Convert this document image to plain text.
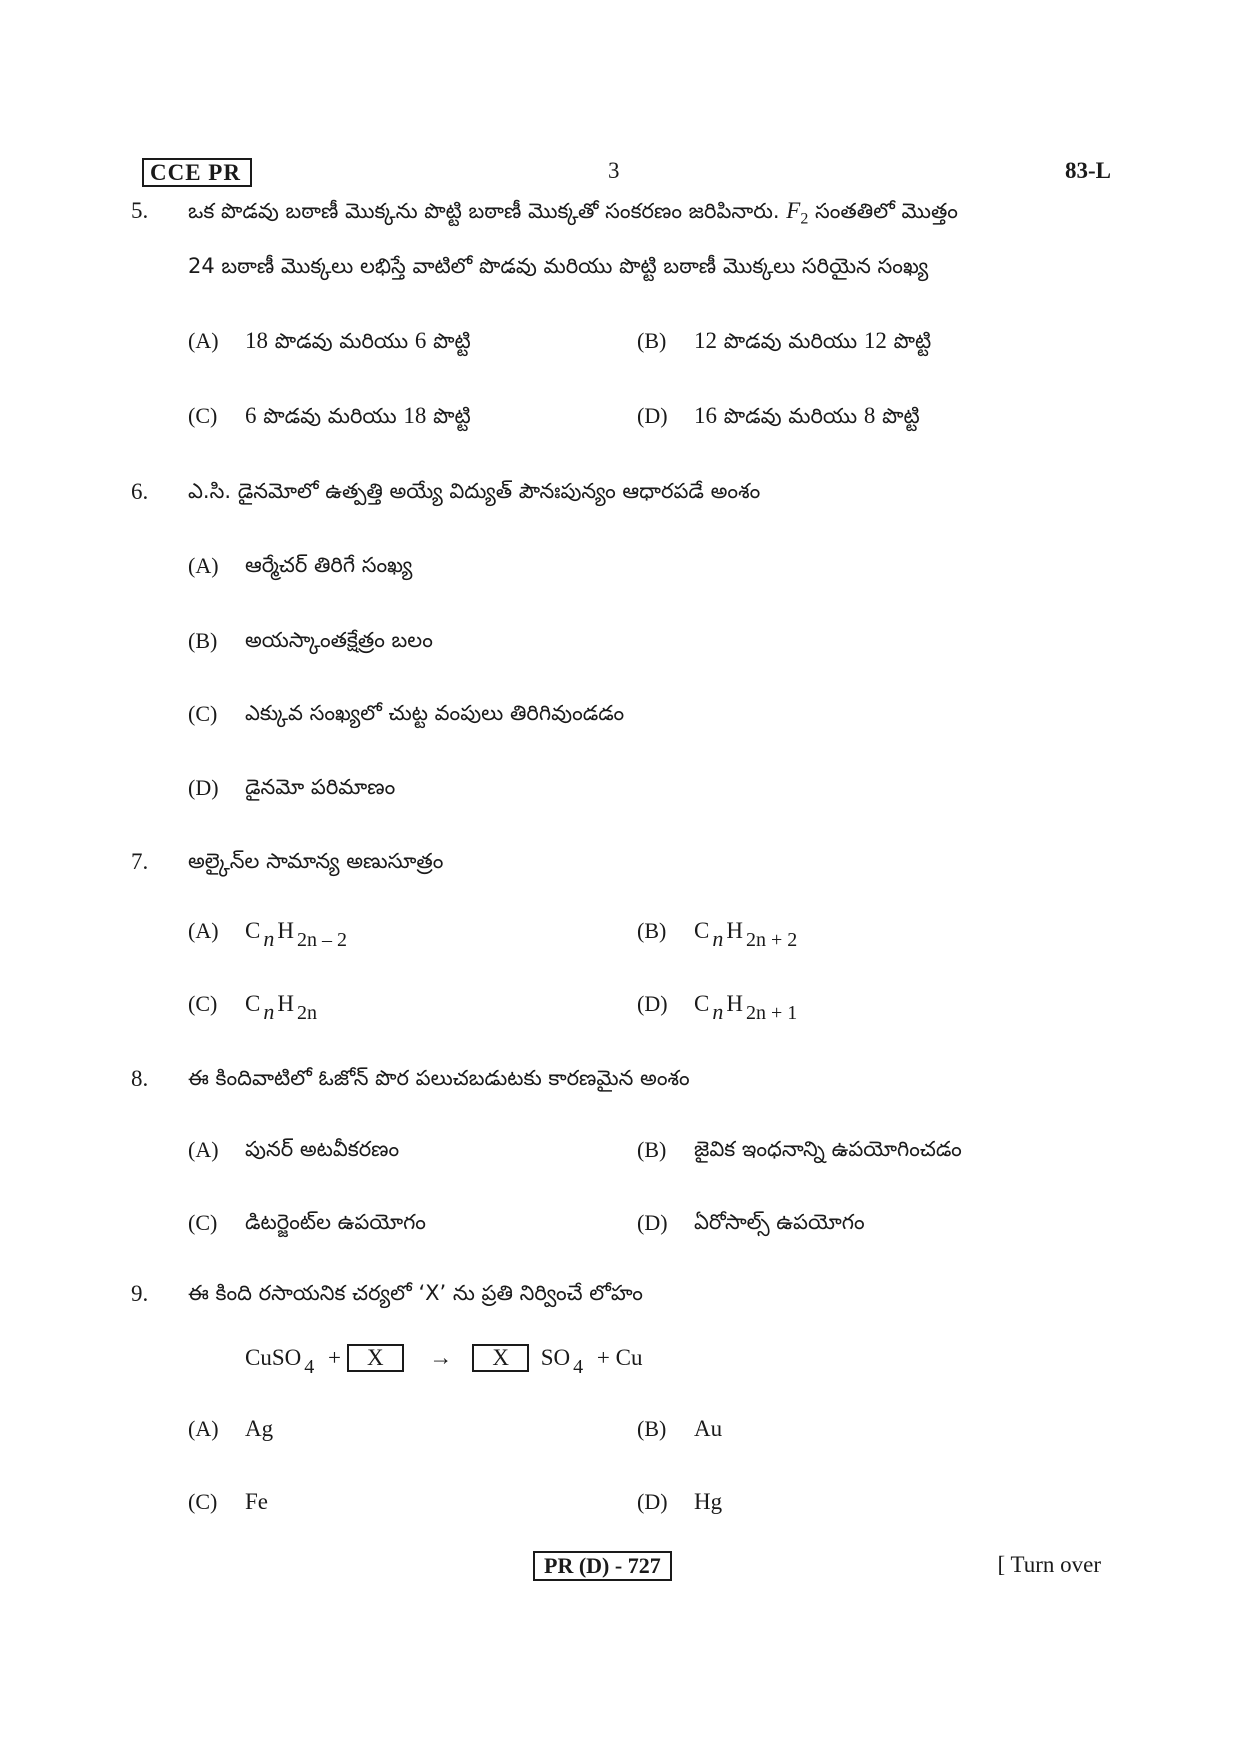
CCE PR	3	83-L
5. ఒక పొడవు బఠాణీ మొక్కను పొట్టి బఠాణీ మొక్కతో సంకరణం జరిపినారు. $F_2$ సంతతిలో మొత్తం
24 బఠాణీ మొక్కలు లభిస్తే వాటిలో పొడవు మరియు పొట్టి బఠాణీ మొక్కలు సరియైన సంఖ్య
(A) 18 పొడవు మరియు 6 పొట్టి	(B) 12 పొడవు మరియు 12 పొట్టి
(C) 6 పొడవు మరియు 18 పొట్టి	(D) 16 పొడవు మరియు 8 పొట్టి
6. ఎ.సి. డైనమోలో ఉత్పత్తి అయ్యే విద్యుత్ పౌనఃపున్యం ఆధారపడే అంశం
(A) ఆర్మేచర్ తిరిగే సంఖ్య
(B) అయస్కాంతక్షేత్రం బలం
(C) ఎక్కువ సంఖ్యలో చుట్ట వంపులు తిరిగివుండడం
(D) డైనమో పరిమాణం
7. అల్కైన్‌ల సామాన్య అణుసూత్రం
(A) C n H $_{2n - 2}$	(B) C n H $_{2n + 2}$
(C) C n H $_{2n}$	(D) C n H $_{2n + 1}$
8. ఈ కిందివాటిలో ఓజోన్ పొర పలుచబడుటకు కారణమైన అంశం
(A) పునర్ అటవీకరణం	(B) జైవిక ఇంధనాన్ని ఉపయోగించడం
(C) డిటర్జెంట్‌ల ఉపయోగం	(D) ఏరోసాల్స్ ఉపయోగం
9. ఈ కింది రసాయనిక చర్యలో ‘X’ ను ప్రతి నిర్వించే లోహం
CuSO $_4$ + X → X SO $_4$ + Cu
(A) Ag	(B) Au
(C) Fe	(D) Hg
PR (D) - 727	[ Turn over
